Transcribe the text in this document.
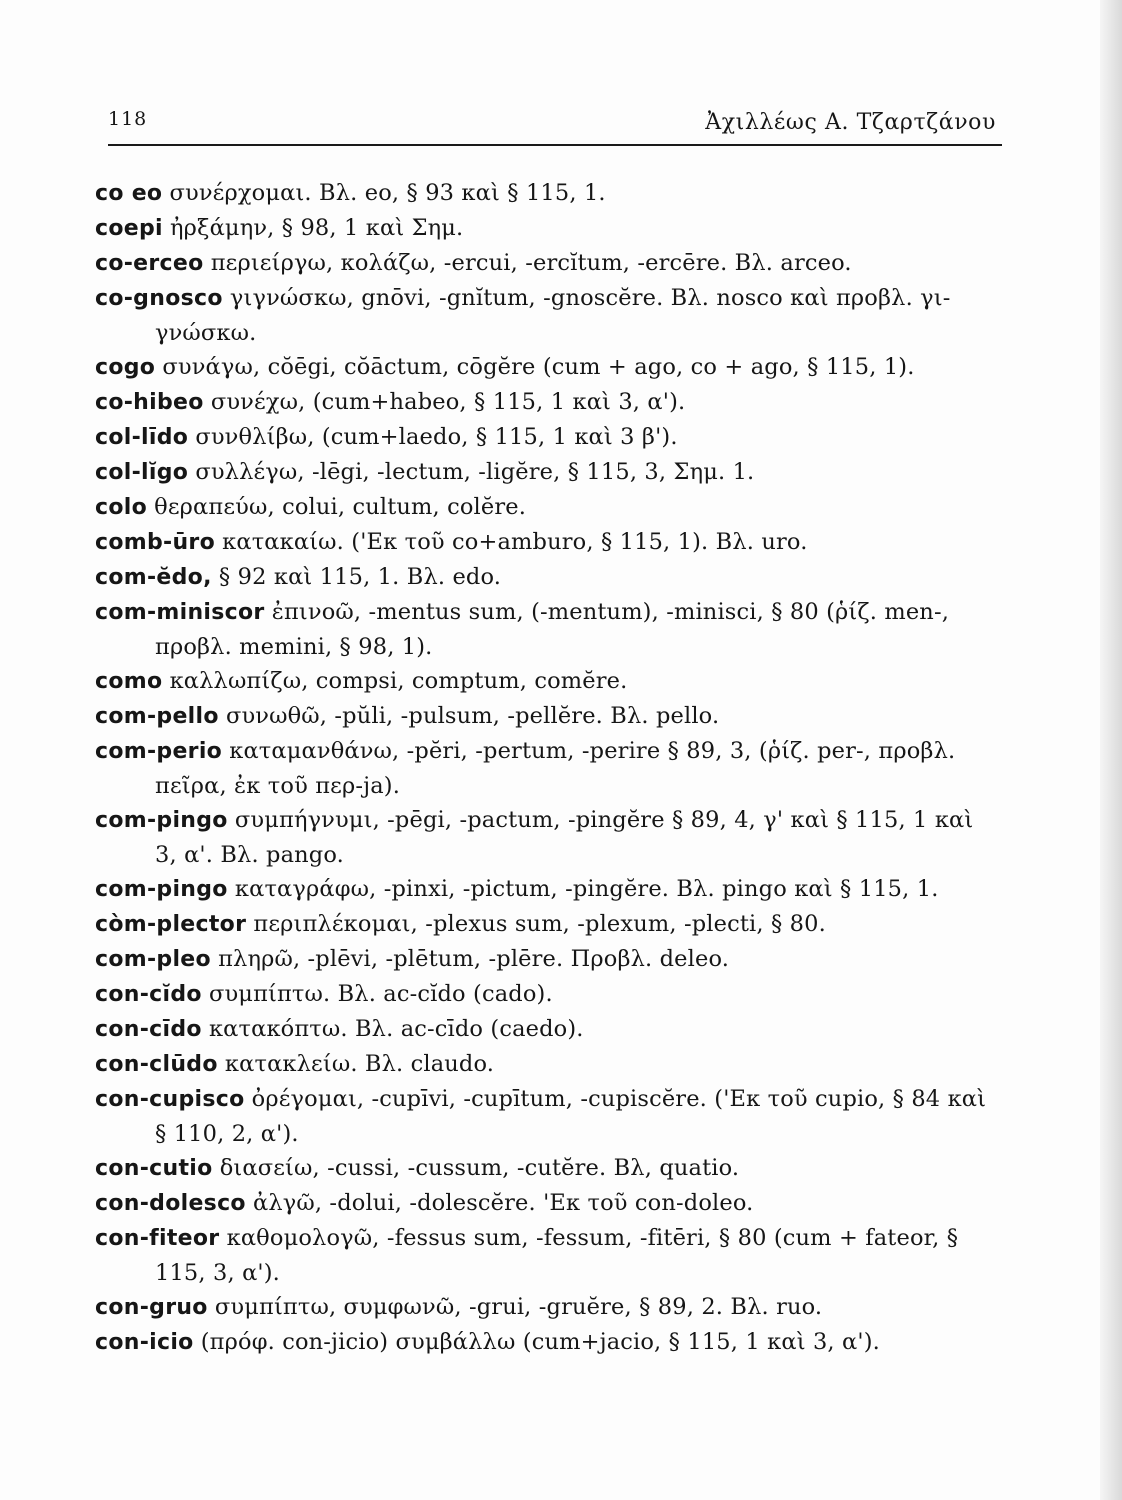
118	Ἀχιλλέως Α. Τζαρτζάνου
co eo συνέρχομαι. Βλ. eo, § 93 καὶ § 115, 1.
coepi ἠρξάμην, § 98, 1 καὶ Σημ.
co-erceo περιείργω, κολάζω, -ercui, -ercĭtum, -ercēre. Βλ. arceo.
co-gnosco γιγνώσκω, gnōvi, -gnĭtum, -gnoscĕre. Βλ. nosco καὶ προβλ. γι-γνώσκω.
cogo συνάγω, cŏēgi, cŏāctum, cōgĕre (cum + ago, co + ago, § 115, 1).
co-hibeo συνέχω, (cum+habeo, § 115, 1 καὶ 3, α').
col-līdo συνθλίβω, (cum+laedo, § 115, 1 καὶ 3 β').
col-lĭgo συλλέγω, -lēgi, -lectum, -ligĕre, § 115, 3, Σημ. 1.
colo θεραπεύω, colui, cultum, colĕre.
comb-ūro κατακαίω. ('Εκ τοῦ co+amburo, § 115, 1). Βλ. uro.
com-ĕdo, § 92 καὶ 115, 1. Βλ. edo.
com-miniscor ἐπινοῶ, -mentus sum, (-mentum), -minisci, § 80 (ῥίζ. men-, προβλ. memini, § 98, 1).
como καλλωπίζω, compsi, comptum, comĕre.
com-pello συνωθῶ, -pŭli, -pulsum, -pellĕre. Βλ. pello.
com-perio καταμανθάνω, -pĕri, -pertum, -perire § 89, 3, (ῥίζ. per-, προβλ. πεῖρα, ἐκ τοῦ περ-ja).
com-pingo συμπήγνυμι, -pēgi, -pactum, -pingĕre § 89, 4, γ' καὶ § 115, 1 καὶ 3, α'. Βλ. pango.
com-pingo καταγράφω, -pinxi, -pictum, -pingĕre. Βλ. pingo καὶ § 115, 1.
còm-plector περιπλέκομαι, -plexus sum, -plexum, -plecti, § 80.
com-pleo πληρῶ, -plēvi, -plētum, -plēre. Προβλ. deleo.
con-cĭdo συμπίπτω. Βλ. ac-cĭdo (cado).
con-cīdo κατακόπτω. Βλ. ac-cīdo (caedo).
con-clūdo κατακλείω. Βλ. claudo.
con-cupisco ὀρέγομαι, -cupīvi, -cupītum, -cupiscĕre. ('Εκ τοῦ cupio, § 84 καὶ § 110, 2, α').
con-cutio διασείω, -cussi, -cussum, -cutĕre. Βλ, quatio.
con-dolesco ἀλγῶ, -dolui, -dolescĕre. 'Εκ τοῦ con-doleo.
con-fiteor καθομολογῶ, -fessus sum, -fessum, -fitēri, § 80 (cum + fateor, § 115, 3, α').
con-gruo συμπίπτω, συμφωνῶ, -grui, -gruĕre, § 89, 2. Βλ. ruo.
con-icio (πρόφ. con-jicio) συμβάλλω (cum+jacio, § 115, 1 καὶ 3, α').
